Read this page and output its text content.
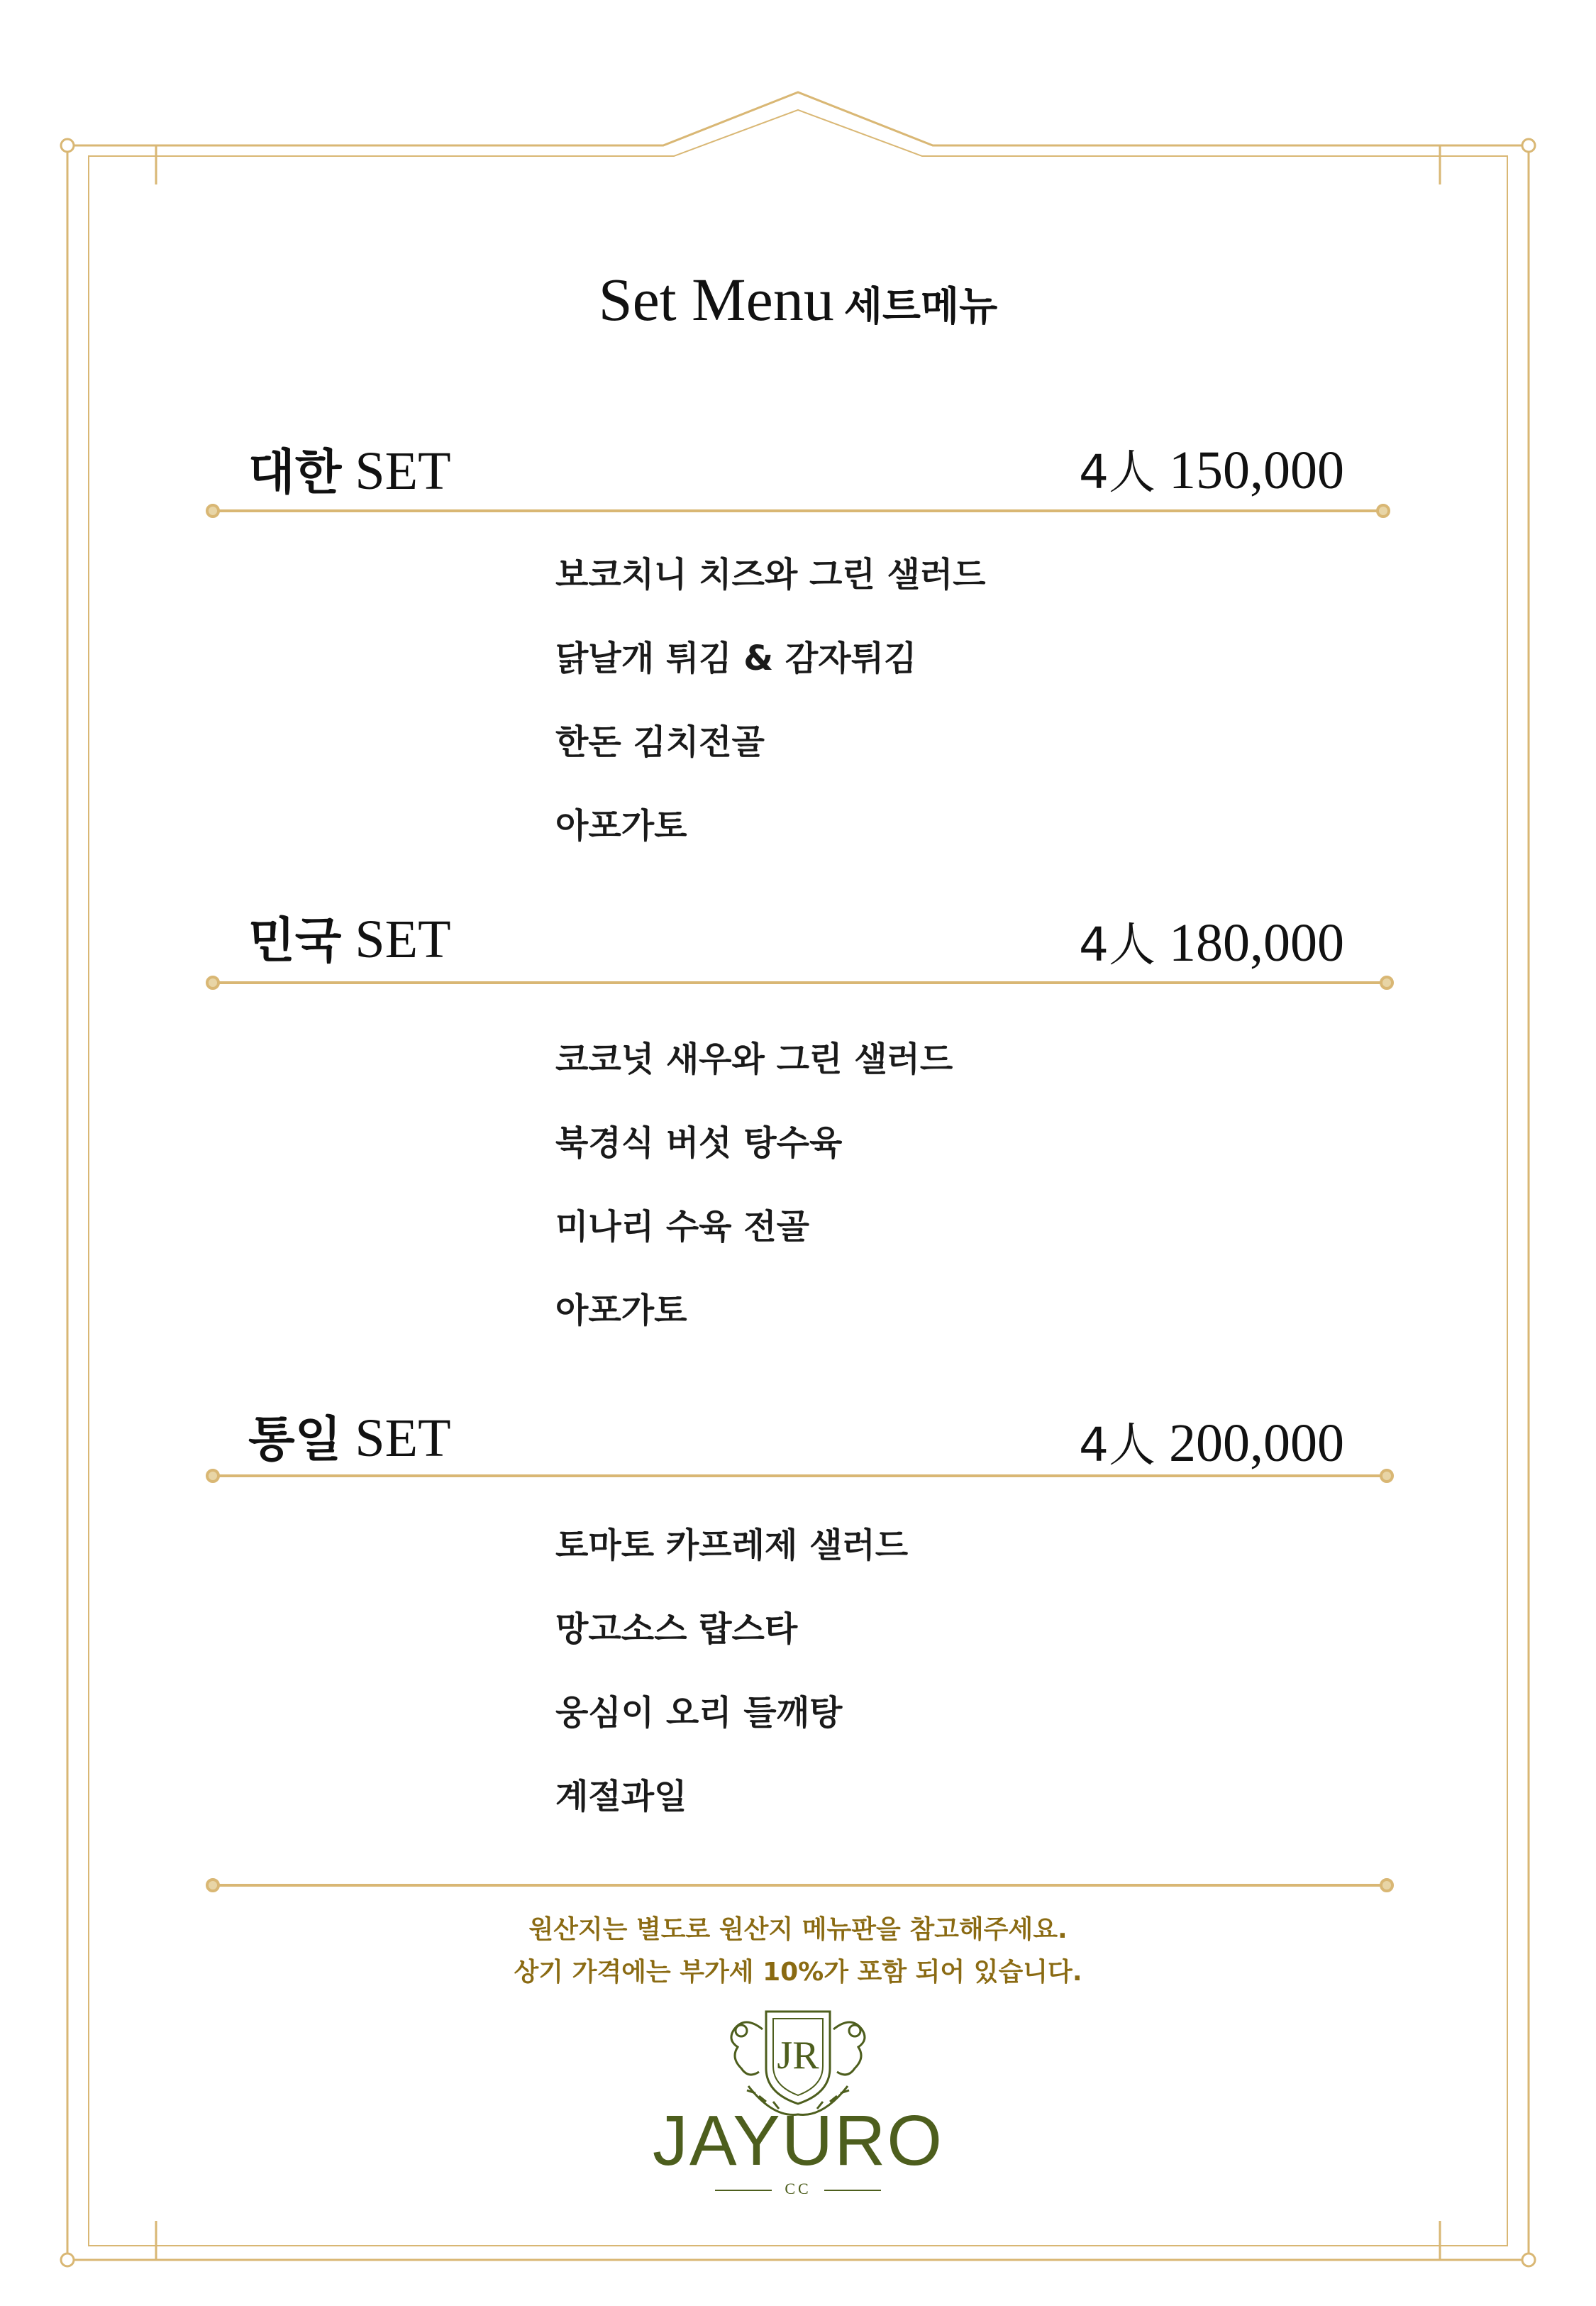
Set Menu 세트메뉴
대한 SET	4人 150,000
보코치니 치즈와 그린 샐러드
닭날개 튀김 & 감자튀김
한돈 김치전골
아포가토
민국 SET	4人 180,000
코코넛 새우와 그린 샐러드
북경식 버섯 탕수육
미나리 수육 전골
아포가토
통일 SET	4人 200,000
토마토 카프레제 샐러드
망고소스 랍스타
웅심이 오리 들깨탕
계절과일
원산지는 별도로 원산지 메뉴판을 참고해주세요.
상기 가격에는 부가세 10%가 포함 되어 있습니다.
JR
JAYURO
CC
